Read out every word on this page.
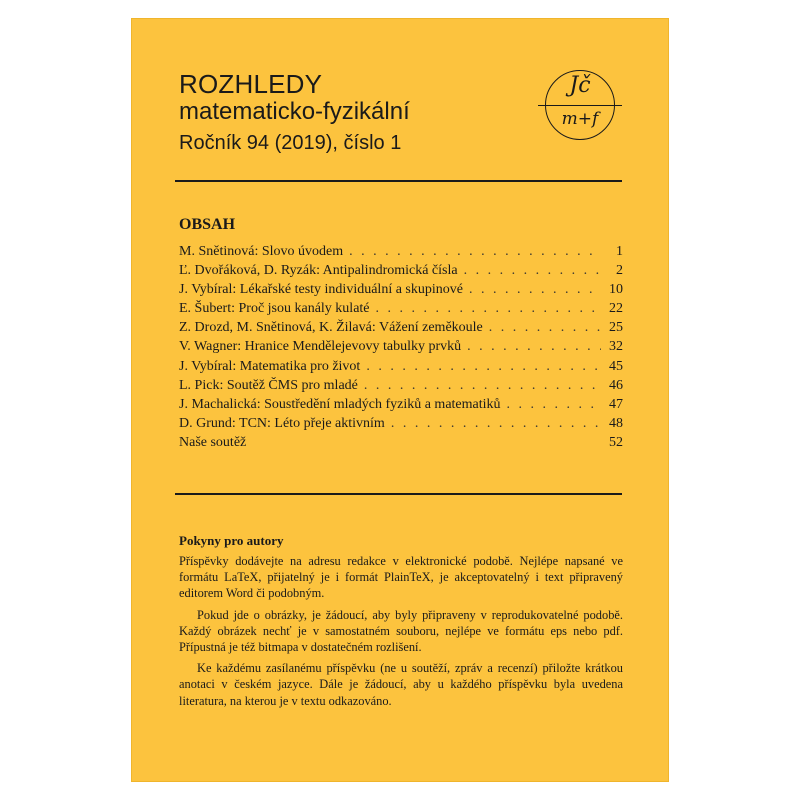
ROZHLEDY
matematicko-fyzikální
Ročník 94 (2019), číslo 1
Jč
m+f
OBSAH
M. Snětinová: Slovo úvodem . . .	1
Ľ. Dvořáková, D. Ryzák: Antipalindromická čísla . . .	2
J. Vybíral: Lékařské testy individuální a skupinové . . .	10
E. Šubert: Proč jsou kanály kulaté . . .	22
Z. Drozd, M. Snětinová, K. Žilavá: Vážení zeměkoule . . .	25
V. Wagner: Hranice Mendělejevovy tabulky prvků . . .	32
J. Vybíral: Matematika pro život . . .	45
L. Pick: Soutěž ČMS pro mladé . . .	46
J. Machalická: Soustředění mladých fyziků a matematiků . . .	47
D. Grund: TCN: Léto přeje aktivním . . .	48
Naše soutěž	52
Pokyny pro autory

Příspěvky dodávejte na adresu redakce v elektronické podobě. Nejlépe napsané ve formátu LaTeX, přijatelný je i formát PlainTeX, je akceptovatelný i text připravený editorem Word či podobným.

Pokud jde o obrázky, je žádoucí, aby byly připraveny v reprodukovatelné podobě. Každý obrázek nechť je v samostatném souboru, nejlépe ve formátu eps nebo pdf. Přípustná je též bitmapa v dostatečném rozlišení.

Ke každému zasílanému příspěvku (ne u soutěží, zpráv a recenzí) přiložte krátkou anotaci v českém jazyce. Dále je žádoucí, aby u každého příspěvku byla uvedena literatura, na kterou je v textu odkazováno.
